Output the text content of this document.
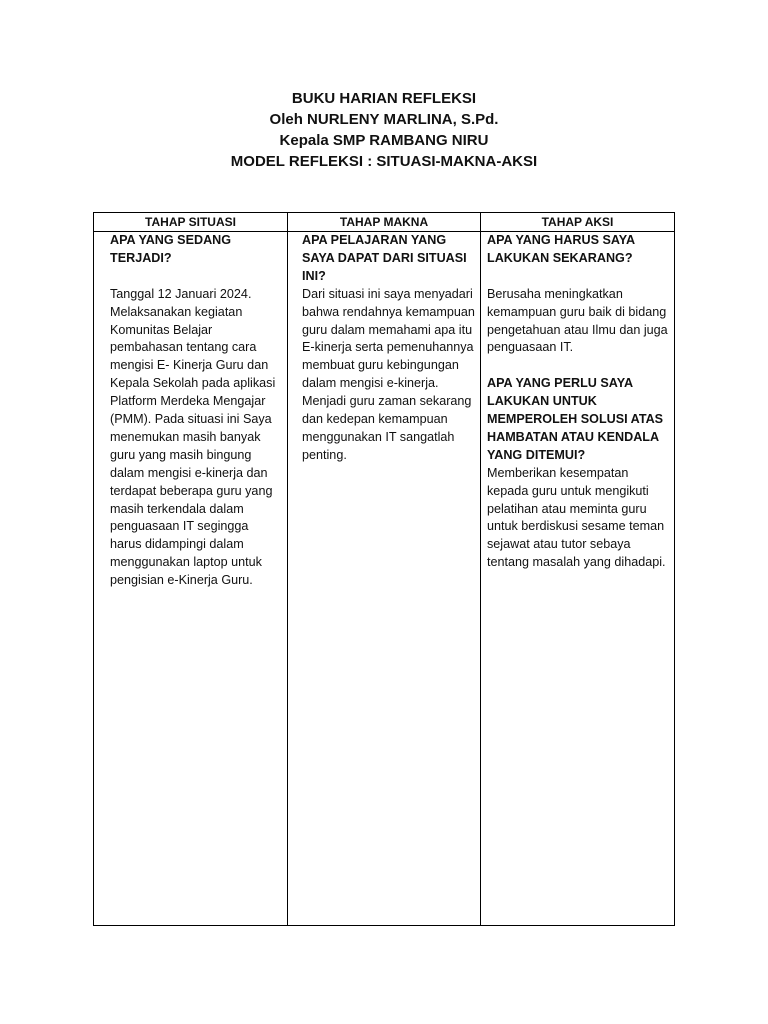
BUKU HARIAN REFLEKSI
Oleh NURLENY MARLINA, S.Pd.
Kepala SMP RAMBANG NIRU
MODEL REFLEKSI : SITUASI-MAKNA-AKSI
TAHAP SITUASI
APA YANG SEDANG TERJADI?
Tanggal 12 Januari 2024. Melaksanakan kegiatan Komunitas Belajar pembahasan tentang cara mengisi E- Kinerja Guru dan Kepala Sekolah pada aplikasi Platform Merdeka Mengajar (PMM). Pada situasi ini Saya menemukan masih banyak guru yang masih bingung dalam mengisi e-kinerja dan terdapat beberapa guru yang masih terkendala dalam penguasaan IT segingga harus didampingi dalam menggunakan laptop untuk pengisian e-Kinerja Guru.
TAHAP MAKNA
APA PELAJARAN YANG SAYA DAPAT DARI SITUASI INI?
Dari situasi ini saya menyadari bahwa rendahnya kemampuan guru dalam memahami apa itu E-kinerja serta pemenuhannya membuat guru kebingungan dalam mengisi e-kinerja. Menjadi guru zaman sekarang dan kedepan kemampuan menggunakan IT sangatlah penting.
TAHAP AKSI
APA YANG HARUS SAYA LAKUKAN SEKARANG?
Berusaha meningkatkan kemampuan guru baik di bidang pengetahuan atau Ilmu dan juga penguasaan IT.
APA YANG PERLU SAYA LAKUKAN UNTUK MEMPEROLEH SOLUSI ATAS HAMBATAN ATAU KENDALA YANG DITEMUI?
Memberikan kesempatan kepada guru untuk mengikuti pelatihan atau meminta guru untuk berdiskusi sesame teman sejawat atau tutor sebaya tentang masalah yang dihadapi.
